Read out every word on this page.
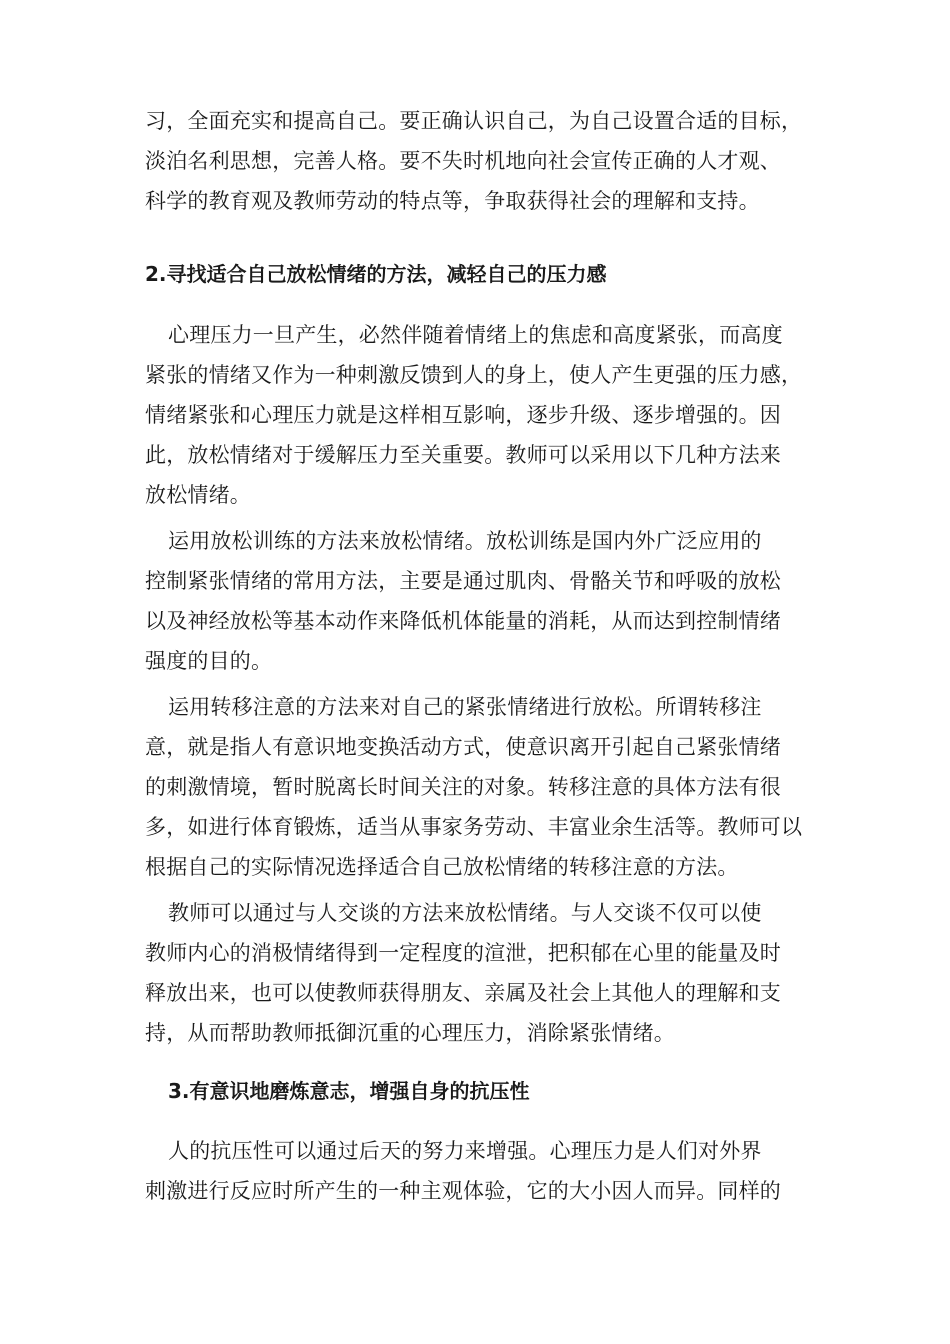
习，全面充实和提高自己。要正确认识自己，为自己设置合适的目标，
淡泊名利思想，完善人格。要不失时机地向社会宣传正确的人才观、
科学的教育观及教师劳动的特点等，争取获得社会的理解和支持。
2.寻找适合自己放松情绪的方法，减轻自己的压力感
心理压力一旦产生，必然伴随着情绪上的焦虑和高度紧张，而高度
紧张的情绪又作为一种刺激反馈到人的身上，使人产生更强的压力感，
情绪紧张和心理压力就是这样相互影响，逐步升级、逐步增强的。因
此，放松情绪对于缓解压力至关重要。教师可以采用以下几种方法来
放松情绪。
运用放松训练的方法来放松情绪。放松训练是国内外广泛应用的
控制紧张情绪的常用方法，主要是通过肌肉、骨骼关节和呼吸的放松
以及神经放松等基本动作来降低机体能量的消耗，从而达到控制情绪
强度的目的。
运用转移注意的方法来对自己的紧张情绪进行放松。所谓转移注
意，就是指人有意识地变换活动方式，使意识离开引起自己紧张情绪
的刺激情境，暂时脱离长时间关注的对象。转移注意的具体方法有很
多，如进行体育锻炼，适当从事家务劳动、丰富业余生活等。教师可以
根据自己的实际情况选择适合自己放松情绪的转移注意的方法。
教师可以通过与人交谈的方法来放松情绪。与人交谈不仅可以使
教师内心的消极情绪得到一定程度的渲泄，把积郁在心里的能量及时
释放出来，也可以使教师获得朋友、亲属及社会上其他人的理解和支
持，从而帮助教师抵御沉重的心理压力，消除紧张情绪。
3.有意识地磨炼意志，增强自身的抗压性
人的抗压性可以通过后天的努力来增强。心理压力是人们对外界
刺激进行反应时所产生的一种主观体验，它的大小因人而异。同样的
